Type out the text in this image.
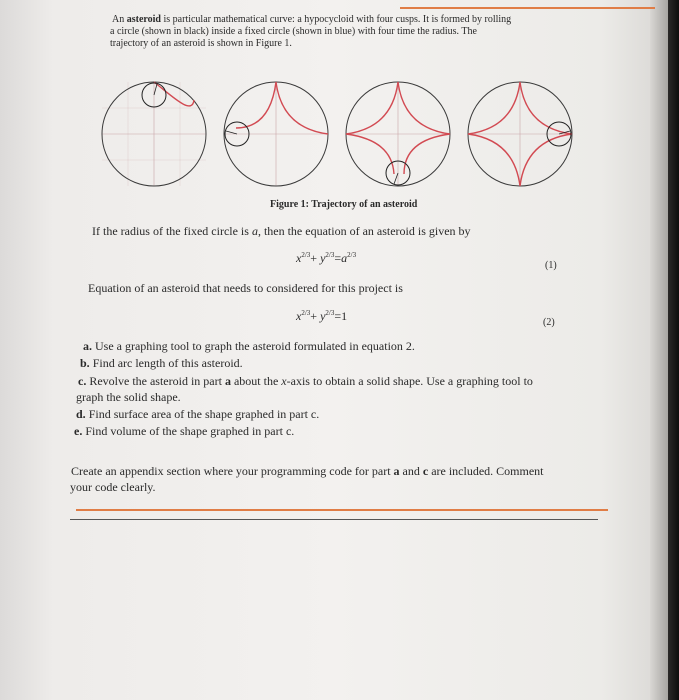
An asteroid is particular mathematical curve: a hypocycloid with four cusps. It is formed by rolling
a circle (shown in black) inside a fixed circle (shown in blue) with four time the radius. The
trajectory of an asteroid is shown in Figure 1.
Figure 1: Trajectory of an asteroid
If the radius of the fixed circle is a, then the equation of an asteroid is given by
$x^{2/3}+ y^{2/3}=a^{2/3}$
(1)
Equation of an asteroid that needs to considered for this project is
$x^{2/3}+ y^{2/3}=1$	(2)
a. Use a graphing tool to graph the asteroid formulated in equation 2.
b. Find arc length of this asteroid.
c. Revolve the asteroid in part a about the x-axis to obtain a solid shape. Use a graphing tool to
graph the solid shape.
d. Find surface area of the shape graphed in part c.
e. Find volume of the shape graphed in part c.
Create an appendix section where your programming code for part a and c are included. Comment
your code clearly.
